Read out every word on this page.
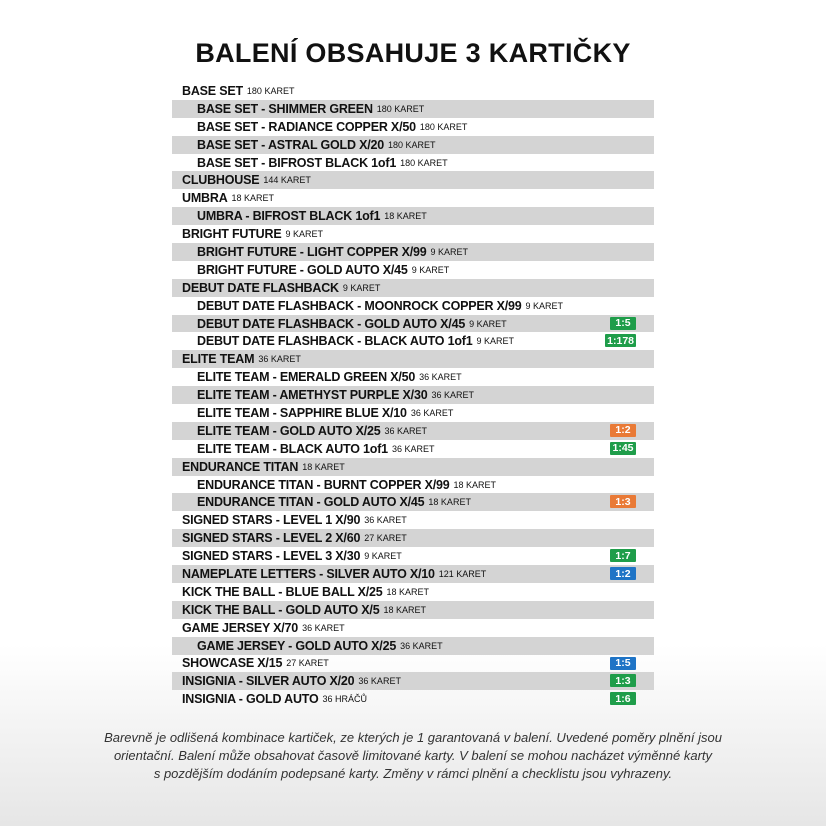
BALENÍ OBSAHUJE 3 KARTIČKY
BASE SET 180 KARET
BASE SET - SHIMMER GREEN 180 KARET
BASE SET - RADIANCE COPPER X/50 180 KARET
BASE SET - ASTRAL GOLD X/20 180 KARET
BASE SET - BIFROST BLACK 1of1 180 KARET
CLUBHOUSE 144 KARET
UMBRA 18 KARET
UMBRA - BIFROST BLACK 1of1 18 KARET
BRIGHT FUTURE 9 KARET
BRIGHT FUTURE - LIGHT COPPER X/99 9 KARET
BRIGHT FUTURE - GOLD AUTO X/45 9 KARET
DEBUT DATE FLASHBACK 9 KARET
DEBUT DATE FLASHBACK - MOONROCK COPPER X/99 9 KARET
DEBUT DATE FLASHBACK - GOLD AUTO X/45 9 KARET	1:5
DEBUT DATE FLASHBACK - BLACK AUTO 1of1 9 KARET	1:178
ELITE TEAM 36 KARET
ELITE TEAM - EMERALD GREEN X/50 36 KARET
ELITE TEAM - AMETHYST PURPLE X/30 36 KARET
ELITE TEAM - SAPPHIRE BLUE X/10 36 KARET
ELITE TEAM - GOLD AUTO X/25 36 KARET	1:2
ELITE TEAM - BLACK AUTO 1of1 36 KARET	1:45
ENDURANCE TITAN 18 KARET
ENDURANCE TITAN - BURNT COPPER X/99 18 KARET
ENDURANCE TITAN - GOLD AUTO X/45 18 KARET	1:3
SIGNED STARS - LEVEL 1 X/90 36 KARET
SIGNED STARS - LEVEL 2 X/60 27 KARET
SIGNED STARS - LEVEL 3 X/30 9 KARET	1:7
NAMEPLATE LETTERS - SILVER AUTO X/10 121 KARET	1:2
KICK THE BALL - BLUE BALL X/25 18 KARET
KICK THE BALL - GOLD AUTO X/5 18 KARET
GAME JERSEY X/70 36 KARET
GAME JERSEY - GOLD AUTO X/25 36 KARET
SHOWCASE X/15 27 KARET	1:5
INSIGNIA - SILVER AUTO X/20 36 KARET	1:3
INSIGNIA - GOLD AUTO 36 HRÁČŮ	1:6
Barevně je odlišená kombinace kartiček, ze kterých je 1 garantovaná v balení. Uvedené poměry plnění jsou
orientační. Balení může obsahovat časově limitované karty. V balení se mohou nacházet výměnné karty
s pozdějším dodáním podepsané karty. Změny v rámci plnění a checklistu jsou vyhrazeny.
